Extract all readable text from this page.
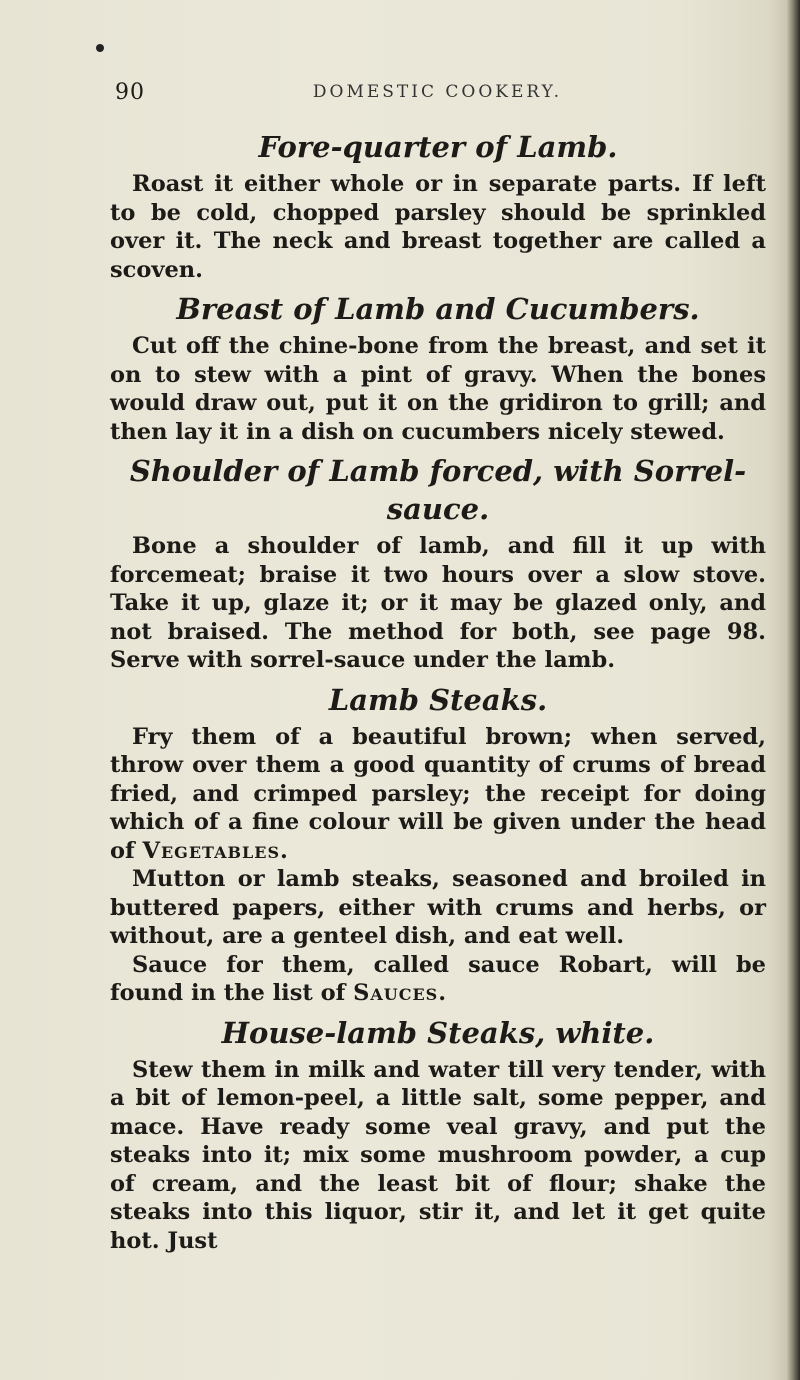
90	DOMESTIC COOKERY.
Fore-quarter of Lamb.

Roast it either whole or in separate parts. If left to be cold, chopped parsley should be sprinkled over it. The neck and breast together are called a scoven.

Breast of Lamb and Cucumbers.

Cut off the chine-bone from the breast, and set it on to stew with a pint of gravy. When the bones would draw out, put it on the gridiron to grill; and then lay it in a dish on cucumbers nicely stewed.

Shoulder of Lamb forced, with Sorrel-sauce.

Bone a shoulder of lamb, and fill it up with forcemeat; braise it two hours over a slow stove. Take it up, glaze it; or it may be glazed only, and not braised. The method for both, see page 98. Serve with sorrel-sauce under the lamb.

Lamb Steaks.

Fry them of a beautiful brown; when served, throw over them a good quantity of crums of bread fried, and crimped parsley; the receipt for doing which of a fine colour will be given under the head of Vegetables.

Mutton or lamb steaks, seasoned and broiled in buttered papers, either with crums and herbs, or without, are a genteel dish, and eat well.

Sauce for them, called sauce Robart, will be found in the list of Sauces.

House-lamb Steaks, white.

Stew them in milk and water till very tender, with a bit of lemon-peel, a little salt, some pepper, and mace. Have ready some veal gravy, and put the steaks into it; mix some mushroom powder, a cup of cream, and the least bit of flour; shake the steaks into this liquor, stir it, and let it get quite hot. Just
